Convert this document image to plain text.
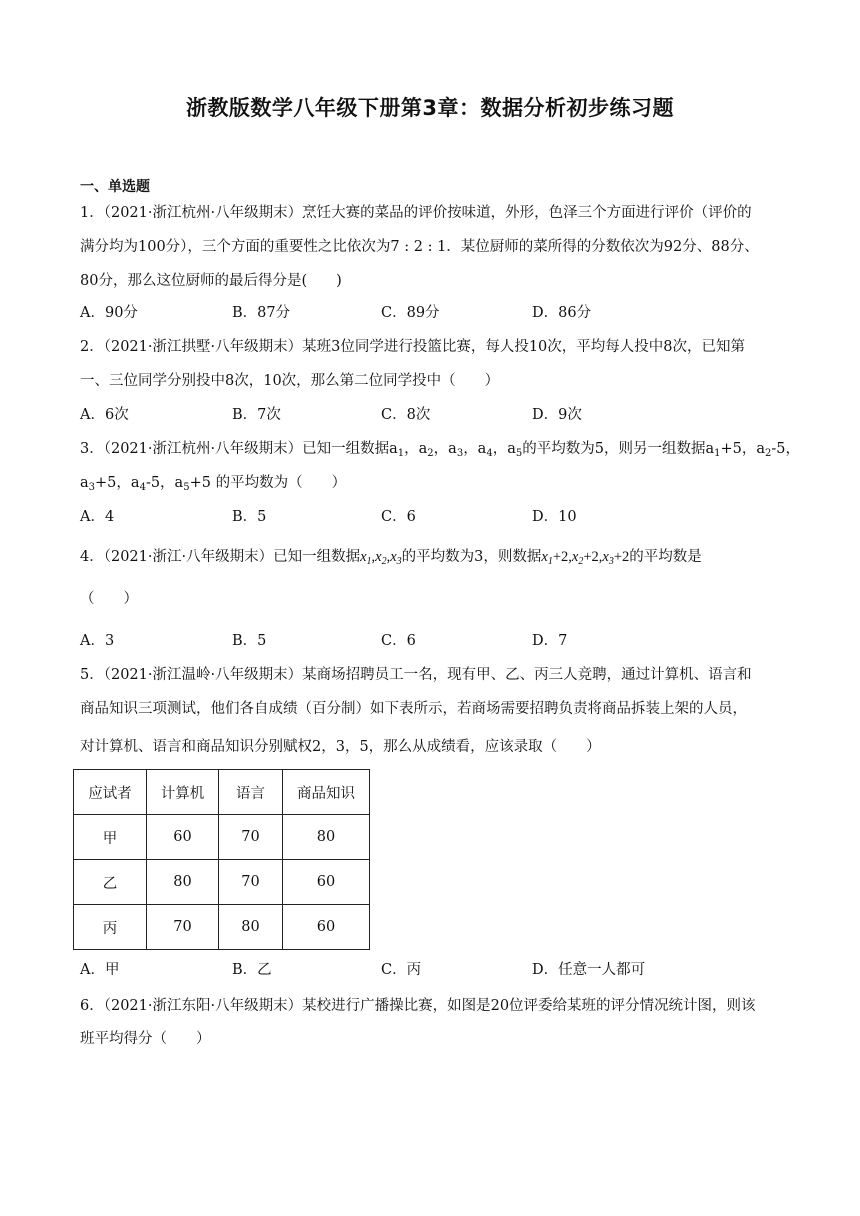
浙教版数学八年级下册第3章：数据分析初步练习题
一、单选题
1．（2021·浙江杭州·八年级期末）烹饪大赛的菜品的评价按味道，外形，色泽三个方面进行评价（评价的
满分均为100分），三个方面的重要性之比依次为7 : 2 : 1．某位厨师的菜所得的分数依次为92分、88分、
80分，那么这位厨师的最后得分是(　　)
A．90分	B．87分	C．89分	D．86分
2．（2021·浙江拱墅·八年级期末）某班3位同学进行投篮比赛，每人投10次，平均每人投中8次，已知第
一、三位同学分别投中8次，10次，那么第二位同学投中（　　）
A．6次	B．7次	C．8次	D．9次
3．（2021·浙江杭州·八年级期末）已知一组数据$a_1$，$a_2$，$a_3$，$a_4$，$a_5$的平均数为5，则另一组数据$a_1+5$，$a_2-5$，
$a_3+5$，$a_4-5$，$a_5+5$ 的平均数为（　　）
A．4	B．5	C．6	D．10
4．（2021·浙江·八年级期末）已知一组数据$x_1,x_2,x_3$的平均数为3，则数据$x_1+2,x_2+2,x_3+2$的平均数是
（　　）
A．3	B．5	C．6	D．7
5．（2021·浙江温岭·八年级期末）某商场招聘员工一名，现有甲、乙、丙三人竞聘，通过计算机、语言和
商品知识三项测试，他们各自成绩（百分制）如下表所示，若商场需要招聘负责将商品拆装上架的人员，
对计算机、语言和商品知识分别赋权2，3，5，那么从成绩看，应该录取（　　）
应试者	计算机	语言	商品知识
甲	60	70	80
乙	80	70	60
丙	70	80	60
A．甲	B．乙	C．丙	D．任意一人都可
6．（2021·浙江东阳·八年级期末）某校进行广播操比赛，如图是20位评委给某班的评分情况统计图，则该
班平均得分（　　）
